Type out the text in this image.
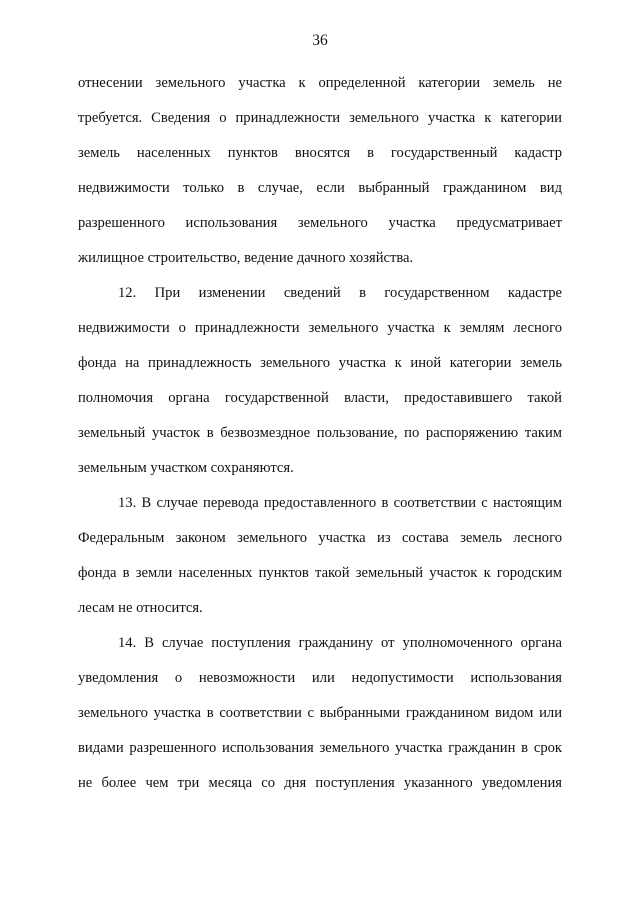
36
отнесении земельного участка к определенной категории земель не
требуется. Сведения о принадлежности земельного участка к категории
земель населенных пунктов вносятся в государственный кадастр
недвижимости только в случае, если выбранный гражданином вид
разрешенного использования земельного участка предусматривает
жилищное строительство, ведение дачного хозяйства.
12. При изменении сведений в государственном кадастре
недвижимости о принадлежности земельного участка к землям лесного
фонда на принадлежность земельного участка к иной категории земель
полномочия органа государственной власти, предоставившего такой
земельный участок в безвозмездное пользование, по распоряжению таким
земельным участком сохраняются.
13. В случае перевода предоставленного в соответствии с настоящим
Федеральным законом земельного участка из состава земель лесного
фонда в земли населенных пунктов такой земельный участок к городским
лесам не относится.
14. В случае поступления гражданину от уполномоченного органа
уведомления о невозможности или недопустимости использования
земельного участка в соответствии с выбранными гражданином видом или
видами разрешенного использования земельного участка гражданин в срок
не более чем три месяца со дня поступления указанного уведомления
